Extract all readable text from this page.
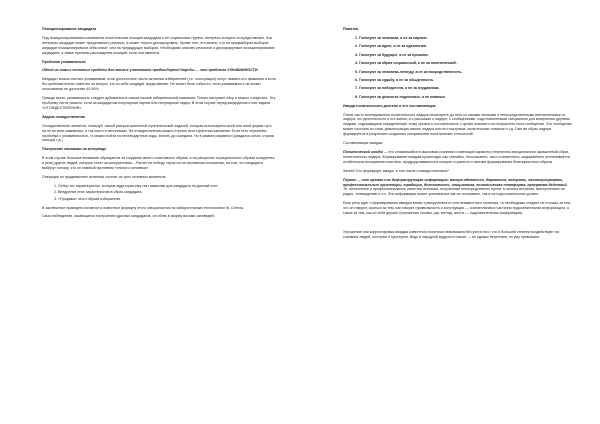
Позиционирование кандидата

Под позиционированием понимается политическая позиция кандидата и ее социальные группы, интересы которых он представляет. Эти интересы кандидат может представлять реально, а может только декларировать. Кроме того, его можно, что на предвыборах выборах кандидат позиционировали себя иначе, чем на предыдущих выборах. Необходимо описать реальное и декларируемое позиционирование кандидата, а также причины расхождения позиций, если они имеются.

Проблема узнаваемости

Одной из самых основных проблем для многих участников предвыборной борьбы — это проблема УЗНАВАЕМОСТИ.

Кандидат можно считать узнаваемым, если достаточное число активных избирателей (т.е. голосующих) могут назвать его фамилию и если бы приблизительно ответить на вопрос, кто из себя кандидат представляет. Не может быть гибкости, если узнаваемость не может голосовании не достигает 40-50%.

Прежде всего, узнаваемость следует добиваться в самом начале избирательной кампании. Потом наступает сбор и можно з апустить. Эту проблему легче решить, если за кандидатом популярная партия или популярный лидер. В этом случае перед кандидатом стоит задача «ОТОЖДЕСТВЛЕНИЯ».

Задача отождествления

Отождествление является, пожалуй, самой распространенной стратегической задачей, которая используется всей или иной форме чуть ли не во всех кампаниях, а так часто и неполными. На отождествлении можно строить всю стратегию кампании. Если есть серьезная проблема с узнаваемостью, то можно пойти на нестандартные ходы, вплоть до скандала. Но в рамках разумного (раздался ольги, страна пальца) т.д.)

Построение кампании на контрподе

В этом случае большое внимание обращается на создание своего позитивного образа, а на раскрытие отрицательного образа конкурента и (или) других людей, которые стоят за конкурентами... Расчет на победу строится на противном положении, на том, что кандидата выберут потому, что он главный противник «плохого человека».

Операции по продвижению политика состоят из трех основных моментов:

1. Отбор тех характеристик, которые аудитория ему такт важными для кандидата на данный пост.
2. Внедрение этих характеристик в образ кандидата.
3. «Продажа» этого образа избирателю.

В заключение приведем основное и известное формулу этого специалистом по избирательным технологиям Ж. Сегела.

Свои наблюдения, касающиеся построения удачных кандидатов, он облек в форму восьми заповедей:

Памятка.
1. Голосуют за человека, а не за партию.
2. Голосуют за идею, а не за идеологию.
3. Голосуют за будущее, а не за прошлое.
4. Голосуют за образ социальный, а не за политический.
5. Голосуют за человека-легенду, а не за посредственность.
6. Голосуют за судьбу, а не за обыденность.
7. Голосуют за победителя, а не за неудачника.
8. Голосуют за ценности подлинные, а не мнимые.
Имидж политического деятеля и его составляющие

Очень часто последователи политического лидера несмотрите до него со своими личными и непосредственными впечатлениями от лидера, его деятельности и его жизни, а с рассказах о лидере, с сообщениями, подготовленными специально для восприятия другими людьми, содержащими определенную точку зрения и состоятельные с целью повлиять на получателя этого сообщения. Это сообщение может состоять из слов, демонстрации самого лидера или его поступков, политических новинок и т.д. Сам же образ лидера формируется в результате созданных специальных политических технологий.

Составляющие имиджа

Политический имидж — это сложившийся в массовом сознании и имеющий характер стереотипа эмоционально окрашенный образ политического лидера. Формирование имиджа происходит как стихийно, неосознанно, так и сознательно, когдаadtelено отслеживается особенности восприятия политика, продуцировавшегося которое стратегии и тактики формирования благоприятного образа.

Зачем? Кто формирует имидж, в том числе и имидж политика?

Первое — это прямая или диформирующая информация: манера одеваться, держаться, говорить, жестикулировать, профессиональные ориентиры, традиции, деловитость, инициатива, политическая платформа, программа действий. Те. личностные и профессиональные качества политика, полученные непосредственно путем: в личных встречах, выступлениях по радио, телевидению и т.п. Эта информация может усиливаться как не осознавать, так и на подсознательном уровне.

Если речь идет о формировании имиджа вновь «раскрученного» или неизвестного политика, то необходимо следить не столько за тем, что он говорит, сколько за тем, как говорит (правильность и конструкция — сознательная и частично подсознательная информация), а также за тем, как он себя держит (положение головы, рук, взгляд, жесты — подсознательная информация).

Улучшение или корректировка имиджа известного политика невозможна без учета того, что в большей степени воздействуют на сознание людей, поступки и проступки. Ведь в народной мудрости гласит — по одежке встречают, по уму провожают.
